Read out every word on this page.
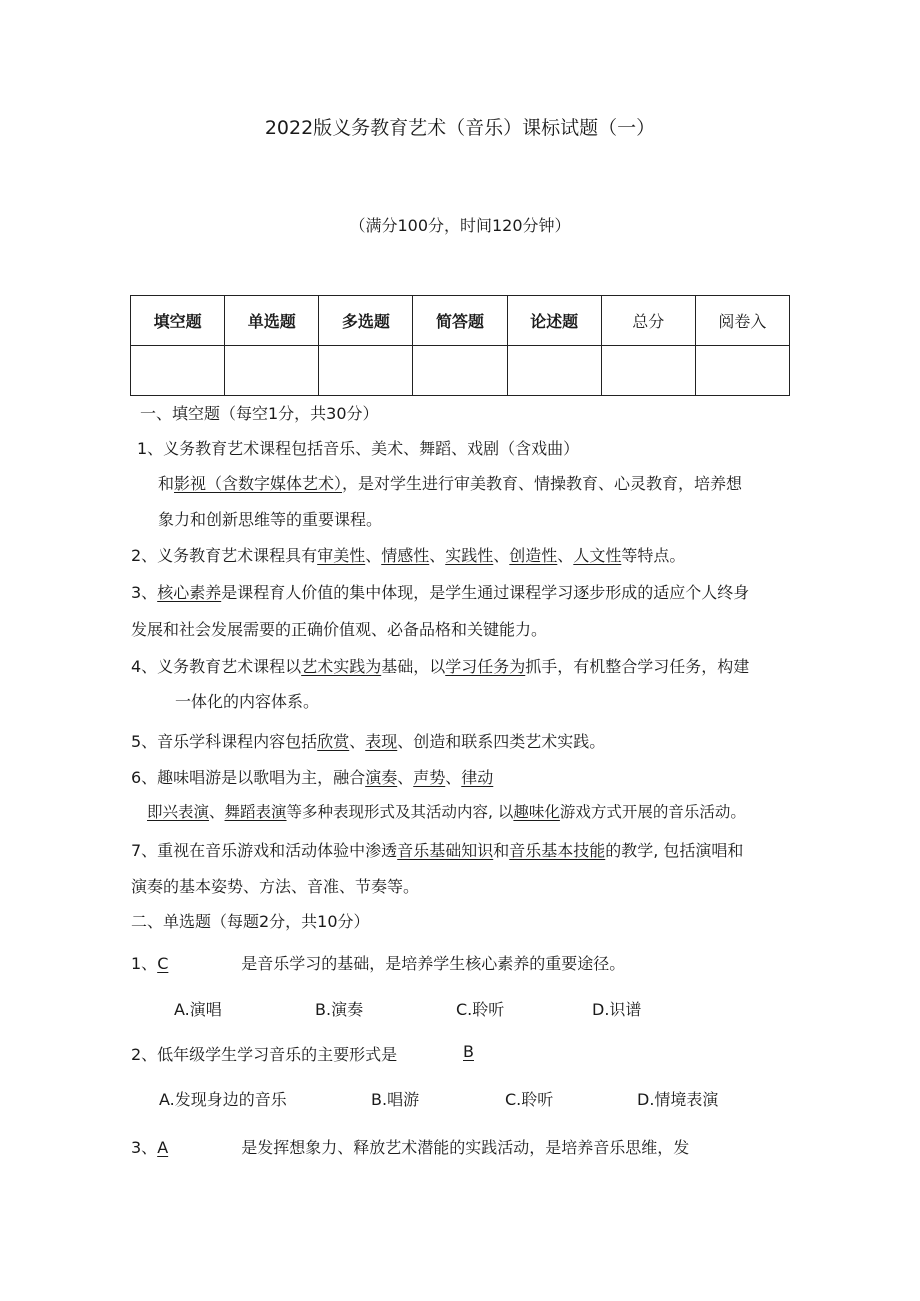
2022版义务教育艺术（音乐）课标试题（一）
（满分100分，时间120分钟）
填空题	单选题	多选题	简答题	论述题	总分	阅卷入

一、填空题（每空1分，共30分）
1、义务教育艺术课程包括音乐、美术、舞蹈、戏剧（含戏曲）
和影视（含数字媒体艺术），是对学生进行审美教育、情操教育、心灵教育，培养想
象力和创新思维等的重要课程。
2、义务教育艺术课程具有审美性、情感性、实践性、创造性、人文性等特点。
3、核心素养是课程育人价值的集中体现，是学生通过课程学习逐步形成的适应个人终身
发展和社会发展需要的正确价值观、必备品格和关键能力。
4、义务教育艺术课程以艺术实践为基础，以学习任务为抓手，有机整合学习任务，构建
一体化的内容体系。
5、音乐学科课程内容包括欣赏、表现、创造和联系四类艺术实践。
6、趣味唱游是以歌唱为主，融合演奏、声势、律动
即兴表演、舞蹈表演等多种表现形式及其活动内容, 以趣味化游戏方式开展的音乐活动。
7、重视在音乐游戏和活动体验中渗透音乐基础知识和音乐基本技能的教学, 包括演唱和
演奏的基本姿势、方法、音准、节奏等。
二、单选题（每题2分，共10分）
1、C	是音乐学习的基础，是培养学生核心素养的重要途径。
A.演唱	B.演奏	C.聆听	D.识谱
2、低年级学生学习音乐的主要形式是	B
A.发现身边的音乐	B.唱游	C.聆听	D.情境表演
3、A	是发挥想象力、释放艺术潜能的实践活动，是培养音乐思维，发
